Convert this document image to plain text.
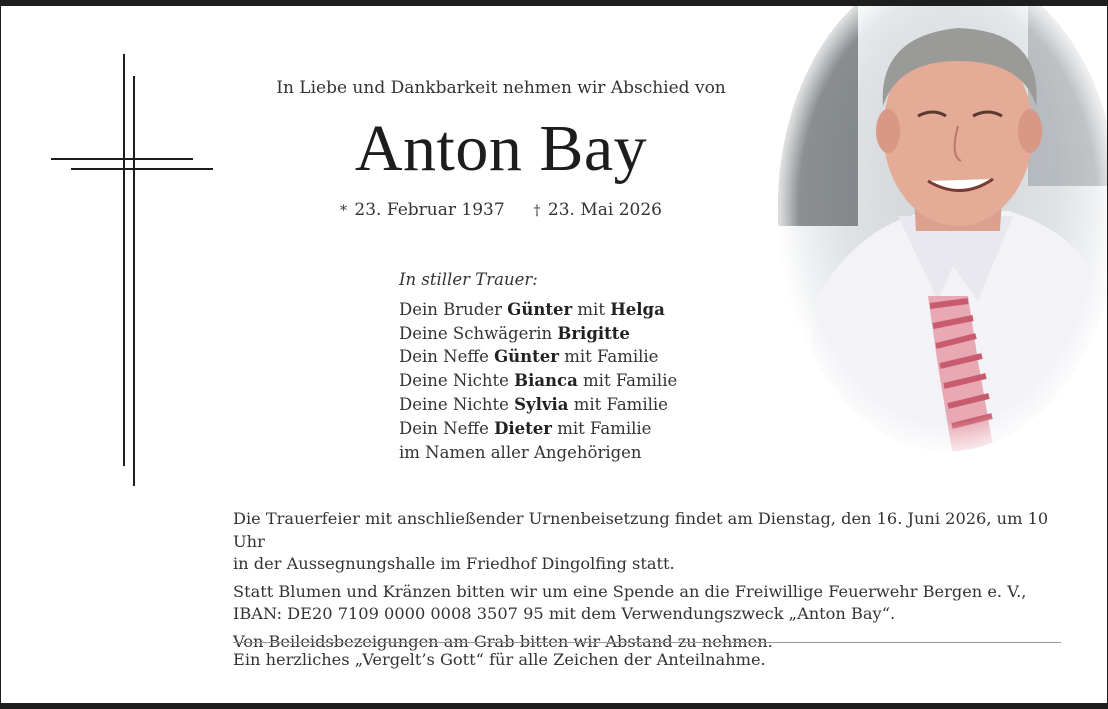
In Liebe und Dankbarkeit nehmen wir Abschied von
Anton Bay
* 23. Februar 1937 † 23. Mai 2026
In stiller Trauer:
Dein Bruder Günter mit Helga
Deine Schwägerin Brigitte
Dein Neffe Günter mit Familie
Deine Nichte Bianca mit Familie
Deine Nichte Sylvia mit Familie
Dein Neffe Dieter mit Familie
im Namen aller Angehörigen

Die Trauerfeier mit anschließender Urnenbeisetzung findet am Dienstag, den 16. Juni 2026, um 10 Uhr
in der Aussegnungshalle im Friedhof Dingolfing statt.

Statt Blumen und Kränzen bitten wir um eine Spende an die Freiwillige Feuerwehr Bergen e. V.,
IBAN: DE20 7109 0000 0008 3507 95 mit dem Verwendungszweck „Anton Bay“.

Von Beileidsbezeigungen am Grab bitten wir Abstand zu nehmen.

Ein herzliches „Vergelt’s Gott“ für alle Zeichen der Anteilnahme.
